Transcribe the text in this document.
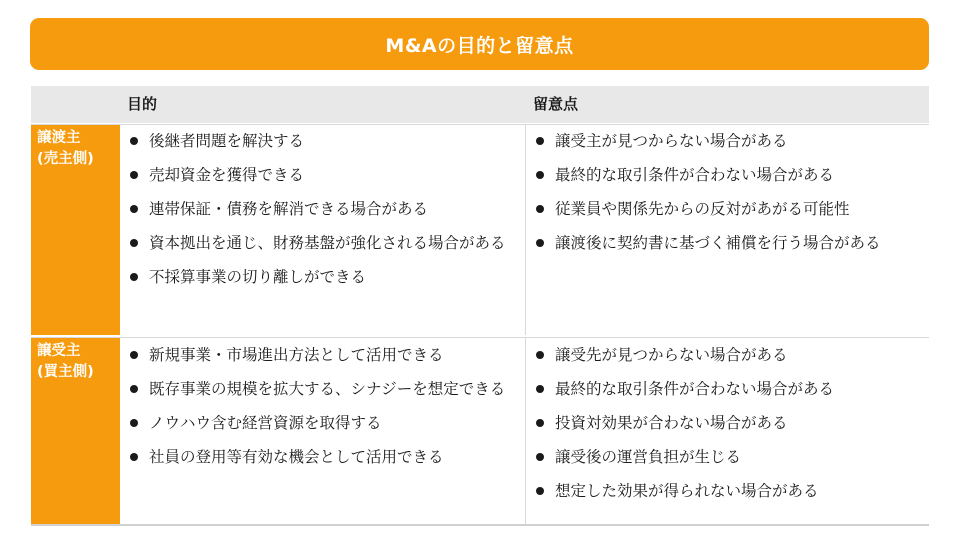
M&Aの目的と留意点
目的	留意点
譲渡主
(売主側)
後継者問題を解決する
売却資金を獲得できる
連帯保証・債務を解消できる場合がある
資本拠出を通じ、財務基盤が強化される場合がある
不採算事業の切り離しができる
譲受主が見つからない場合がある
最終的な取引条件が合わない場合がある
従業員や関係先からの反対があがる可能性
譲渡後に契約書に基づく補償を行う場合がある
譲受主
(買主側)
新規事業・市場進出方法として活用できる
既存事業の規模を拡大する、シナジーを想定できる
ノウハウ含む経営資源を取得する
社員の登用等有効な機会として活用できる
譲受先が見つからない場合がある
最終的な取引条件が合わない場合がある
投資対効果が合わない場合がある
譲受後の運営負担が生じる
想定した効果が得られない場合がある
